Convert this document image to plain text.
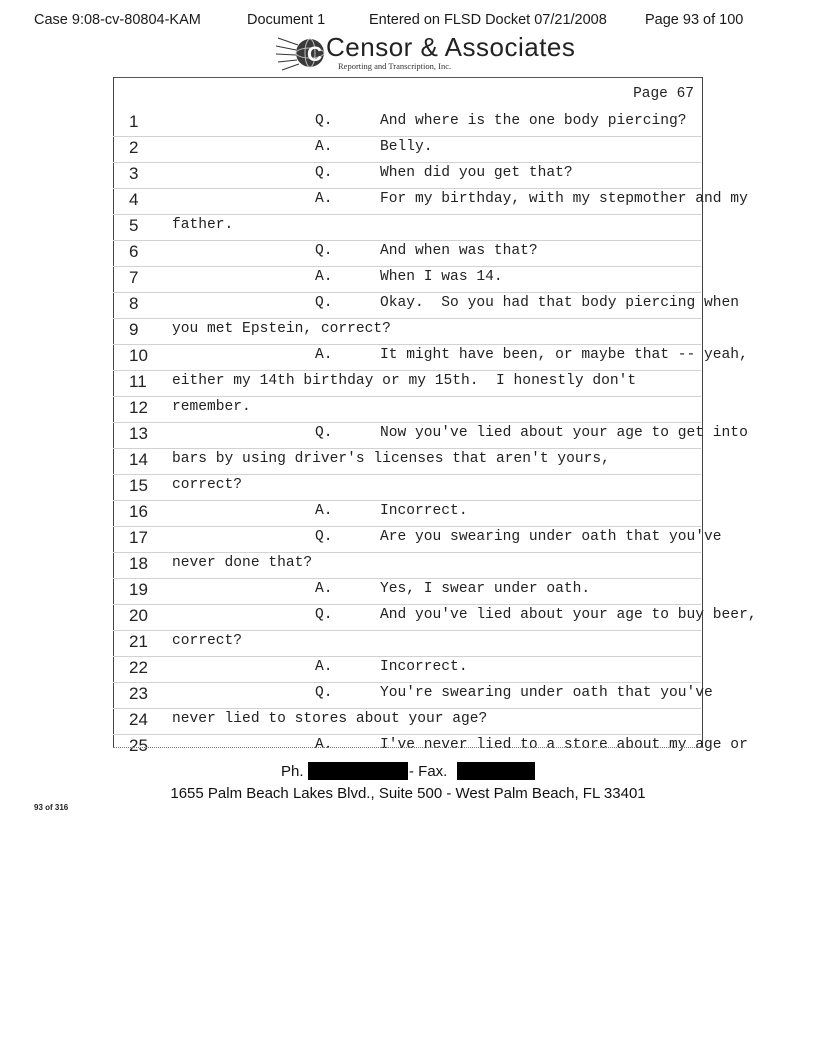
Case 9:08-cv-80804-KAM	Document 1	Entered on FLSD Docket 07/21/2008	Page 93 of 100
C Censor & Associates
Reporting and Transcription, Inc.
Page 67
1	Q.	And where is the one body piercing?
2	A.	Belly.
3	Q.	When did you get that?
4	A.	For my birthday, with my stepmother and my
5	father.
6	Q.	And when was that?
7	A.	When I was 14.
8	Q.	Okay.  So you had that body piercing when
9	you met Epstein, correct?
10	A.	It might have been, or maybe that -- yeah,
11	either my 14th birthday or my 15th.  I honestly don't
12	remember.
13	Q.	Now you've lied about your age to get into
14	bars by using driver's licenses that aren't yours,
15	correct?
16	A.	Incorrect.
17	Q.	Are you swearing under oath that you've
18	never done that?
19	A.	Yes, I swear under oath.
20	Q.	And you've lied about your age to buy beer,
21	correct?
22	A.	Incorrect.
23	Q.	You're swearing under oath that you've
24	never lied to stores about your age?
25	A.	I've never lied to a store about my age or
Ph.	- Fax.
1655 Palm Beach Lakes Blvd., Suite 500 - West Palm Beach, FL 33401
93 of 316
